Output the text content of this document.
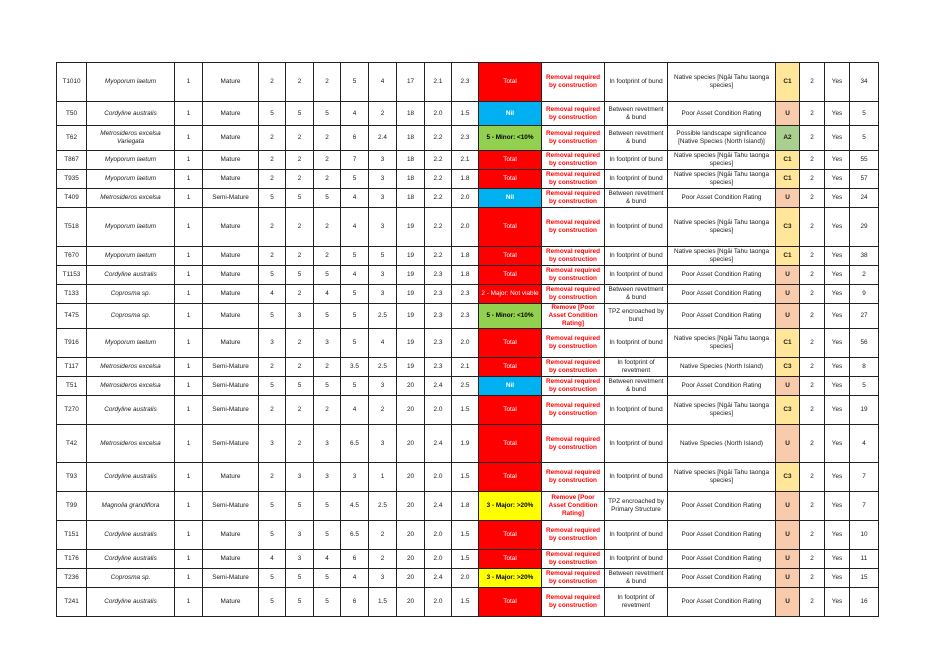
T1010	Myoporum laetum	1	Mature	2	2	2	5	4	17	2.1	2.3	Total	Removal required by construction	In footprint of bund	Native species [Ngāi Tahu taonga species]	C1	2	Yes	34
T50	Cordyline australis	1	Mature	5	5	5	4	2	18	2.0	1.5	Nil	Removal required by construction	Between revetment & bund	Poor Asset Condition Rating	U	2	Yes	5
T62	Metrosideros excelsa Variegata	1	Mature	2	2	2	6	2.4	18	2.2	2.3	5 - Minor: <10%	Removal required by construction	Between revetment & bund	Possible landscape significance [Native Species (North Island)]	A2	2	Yes	5
T867	Myoporum laetum	1	Mature	2	2	2	7	3	18	2.2	2.1	Total	Removal required by construction	In footprint of bund	Native species [Ngāi Tahu taonga species]	C1	2	Yes	55
T935	Myoporum laetum	1	Mature	2	2	2	5	3	18	2.2	1.8	Total	Removal required by construction	In footprint of bund	Native species [Ngāi Tahu taonga species]	C1	2	Yes	57
T409	Metrosideros excelsa	1	Semi-Mature	5	5	5	4	3	18	2.2	2.0	Nil	Removal required by construction	Between revetment & bund	Poor Asset Condition Rating	U	2	Yes	24
T518	Myoporum laetum	1	Mature	2	2	2	4	3	19	2.2	2.0	Total	Removal required by construction	In footprint of bund	Native species [Ngāi Tahu taonga species]	C3	2	Yes	29
T670	Myoporum laetum	1	Mature	2	2	2	5	5	19	2.2	1.8	Total	Removal required by construction	In footprint of bund	Native species [Ngāi Tahu taonga species]	C1	2	Yes	38
T1153	Cordyline australis	1	Mature	5	5	5	4	3	19	2.3	1.8	Total	Removal required by construction	In footprint of bund	Poor Asset Condition Rating	U	2	Yes	2
T133	Coprosma sp.	1	Mature	4	2	4	5	3	19	2.3	2.3	2 - Major: Not viable	Removal required by construction	Between revetment & bund	Poor Asset Condition Rating	U	2	Yes	9
T475	Coprosma sp.	1	Mature	5	3	5	5	2.5	19	2.3	2.3	5 - Minor: <10%	Remove [Poor Asset Condition Rating]	TPZ encroached by bund	Poor Asset Condition Rating	U	2	Yes	27
T916	Myoporum laetum	1	Mature	3	2	3	5	4	19	2.3	2.0	Total	Removal required by construction	In footprint of bund	Native species [Ngāi Tahu taonga species]	C1	2	Yes	56
T117	Metrosideros excelsa	1	Semi-Mature	2	2	2	3.5	2.5	19	2.3	2.1	Total	Removal required by construction	In footprint of revetment	Native Species (North Island)	C3	2	Yes	8
T51	Metrosideros excelsa	1	Semi-Mature	5	5	5	5	3	20	2.4	2.5	Nil	Removal required by construction	Between revetment & bund	Poor Asset Condition Rating	U	2	Yes	5
T270	Cordyline australis	1	Semi-Mature	2	2	2	4	2	20	2.0	1.5	Total	Removal required by construction	In footprint of bund	Native species [Ngāi Tahu taonga species]	C3	2	Yes	19
T42	Metrosideros excelsa	1	Semi-Mature	3	2	3	6.5	3	20	2.4	1.9	Total	Removal required by construction	In footprint of bund	Native Species (North Island)	U	2	Yes	4
T93	Cordyline australis	1	Mature	2	3	3	3	1	20	2.0	1.5	Total	Removal required by construction	In footprint of bund	Native species [Ngāi Tahu taonga species]	C3	2	Yes	7
T99	Magnolia grandiflora	1	Semi-Mature	5	5	5	4.5	2.5	20	2.4	1.8	3 - Major: >20%	Remove [Poor Asset Condition Rating]	TPZ encroached by Primary Structure	Poor Asset Condition Rating	U	2	Yes	7
T151	Cordyline australis	1	Mature	5	3	5	6.5	2	20	2.0	1.5	Total	Removal required by construction	In footprint of bund	Poor Asset Condition Rating	U	2	Yes	10
T176	Cordyline australis	1	Mature	4	3	4	6	2	20	2.0	1.5	Total	Removal required by construction	In footprint of bund	Poor Asset Condition Rating	U	2	Yes	11
T236	Coprosma sp.	1	Semi-Mature	5	5	5	4	3	20	2.4	2.0	3 - Major: >20%	Removal required by construction	Between revetment & bund	Poor Asset Condition Rating	U	2	Yes	15
T241	Cordyline australis	1	Mature	5	5	5	6	1.5	20	2.0	1.5	Total	Removal required by construction	In footprint of revetment	Poor Asset Condition Rating	U	2	Yes	16
